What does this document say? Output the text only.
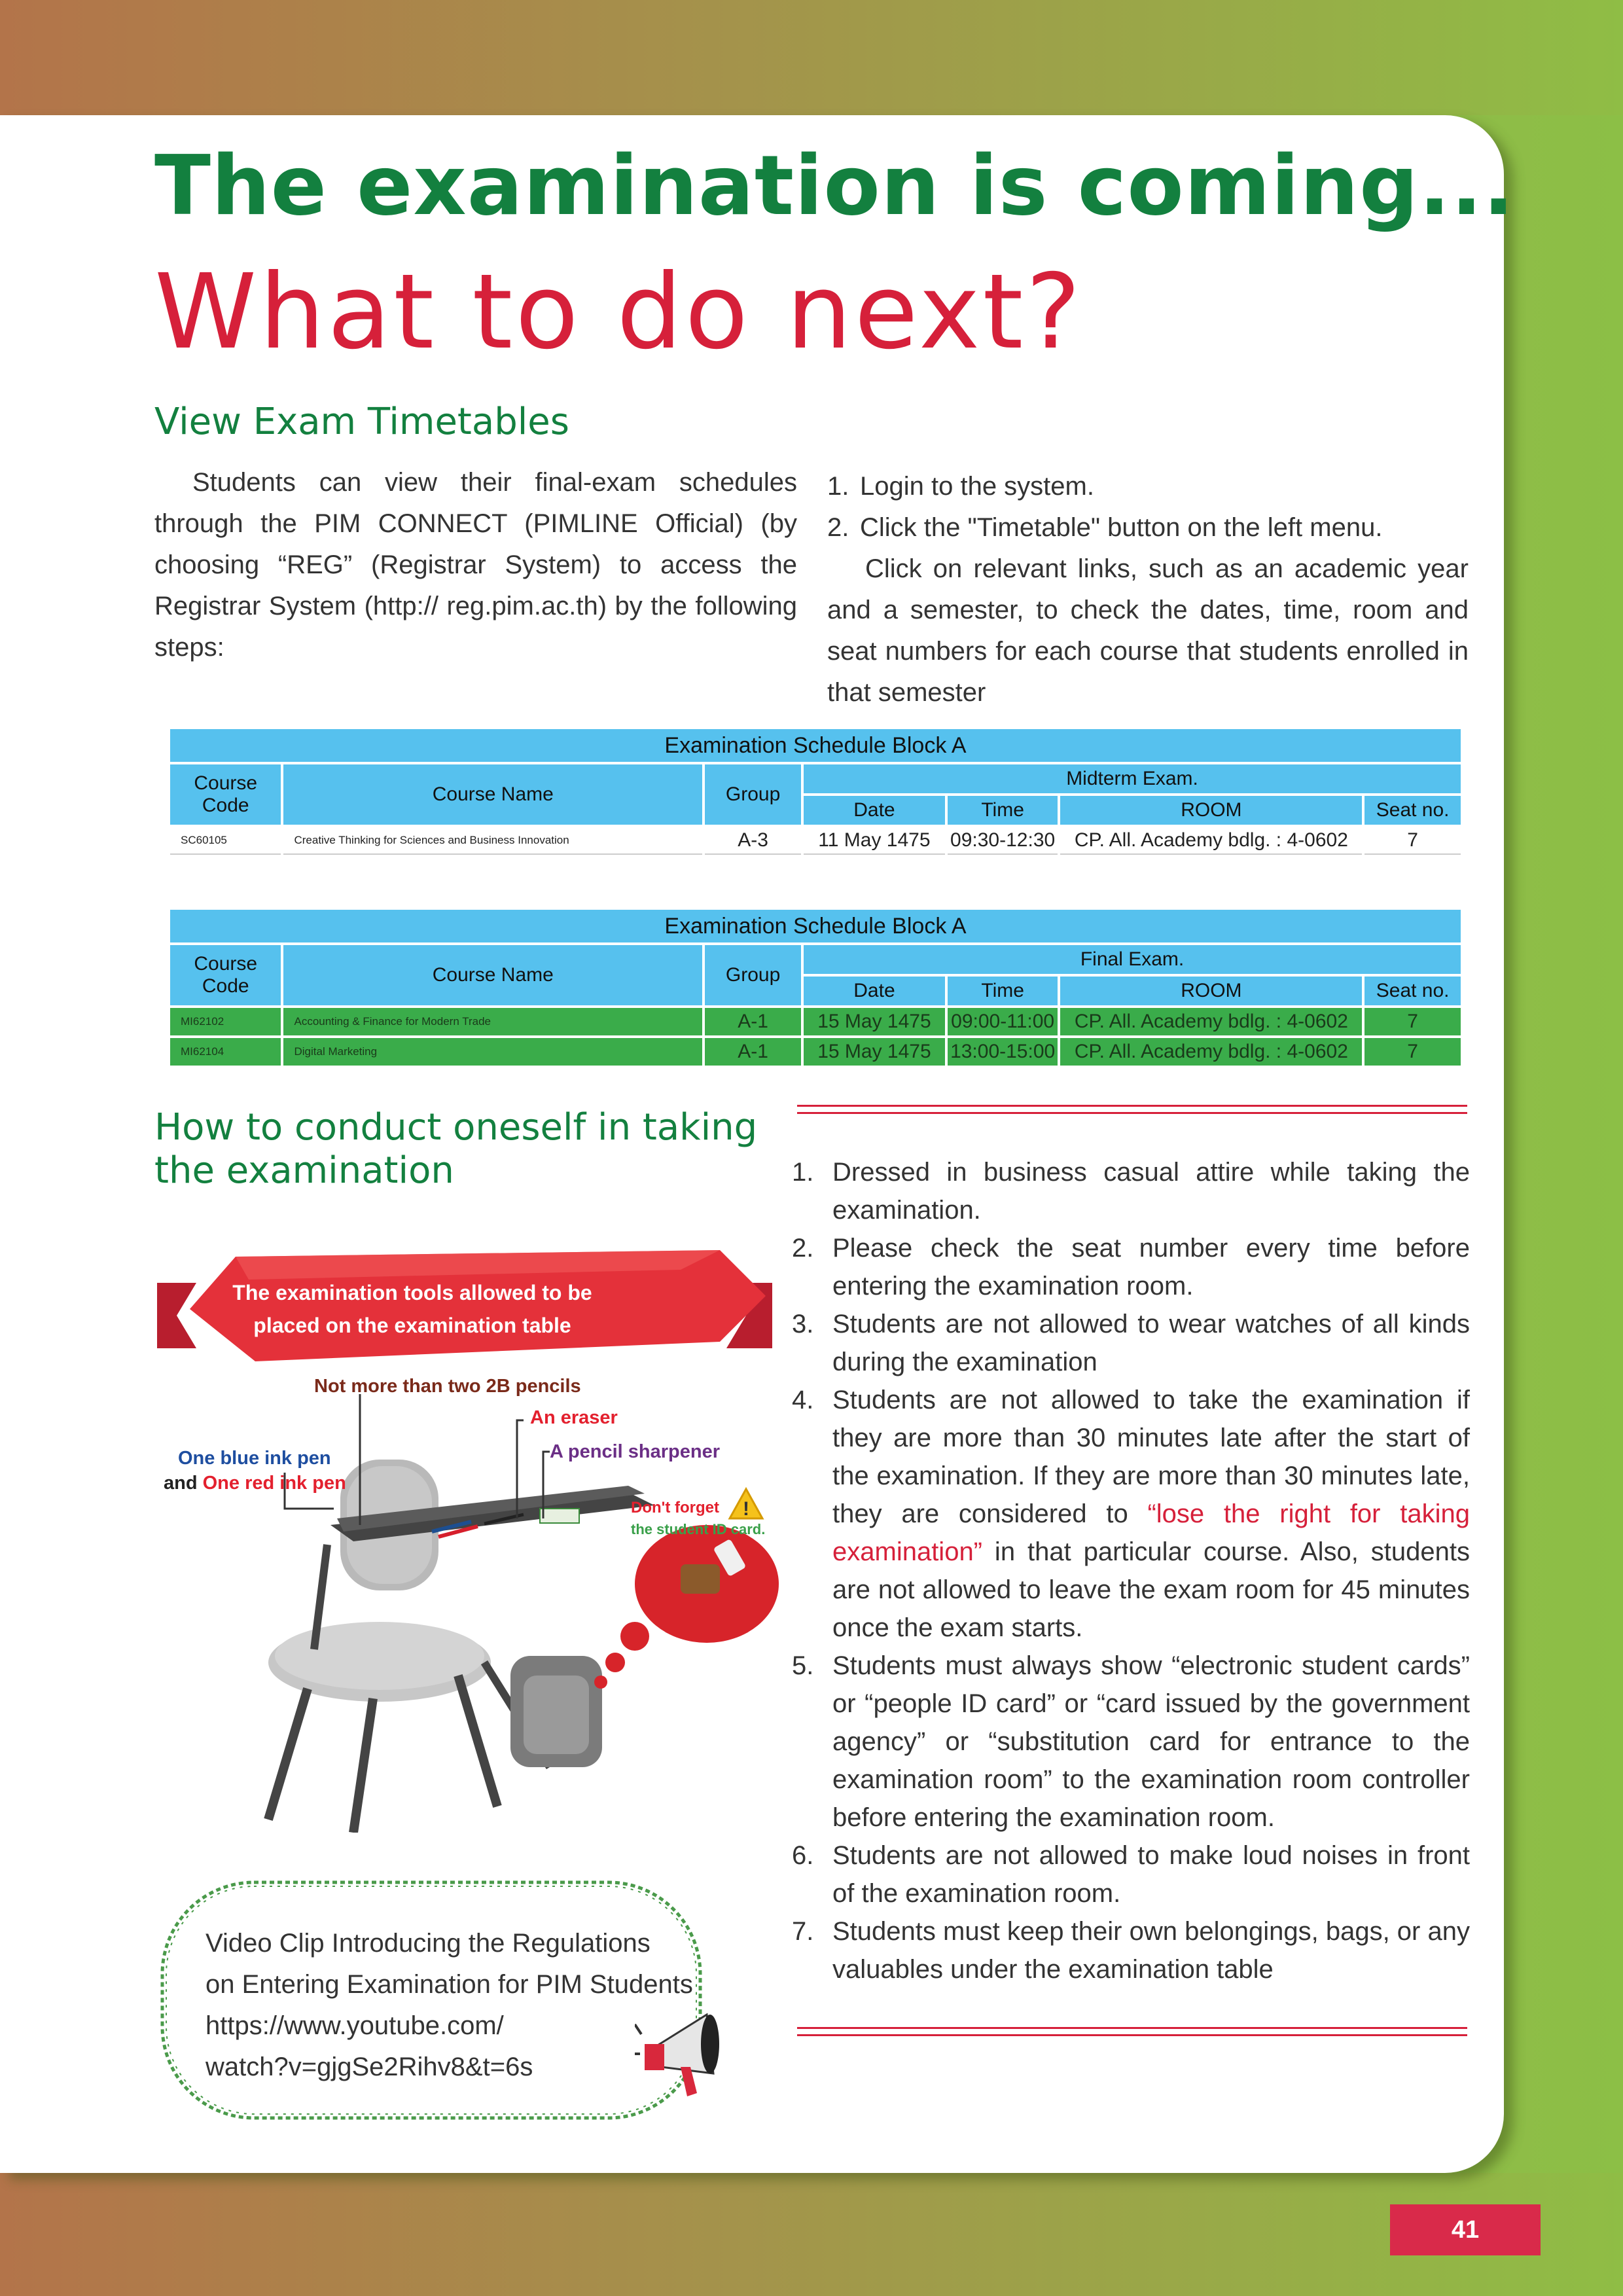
The examination is coming...
What to do next?
View Exam Timetables

Students can view their final-exam schedules through the PIM CONNECT (PIMLINE Official) (by choosing “REG” (Registrar System) to access the Registrar System (http:// reg.pim.ac.th) by the following steps:

1. Login to the system.
2. Click the "Timetable" button on the left menu.

Click on relevant links, such as an academic year and a semester, to check the dates, time, room and seat numbers for each course that students enrolled in that semester

Examination Schedule Block A						
Course Code	Course Name	Group	Midterm Exam.			
			Date	Time	ROOM	Seat no.
SC60105	Creative Thinking for Sciences and Business Innovation	A-3	11 May 1475	09:30-12:30	CP. All. Academy bdlg. : 4-0602	7
Examination Schedule Block A						
Course Code	Course Name	Group	Final Exam.			
			Date	Time	ROOM	Seat no.
MI62102	Accounting & Finance for Modern Trade	A-1	15 May 1475	09:00-11:00	CP. All. Academy bdlg. : 4-0602	7
MI62104	Digital Marketing	A-1	15 May 1475	13:00-15:00	CP. All. Academy bdlg. : 4-0602	7
How to conduct oneself in taking the examination	1. Dressed in business casual attire while taking the examination.
2. Please check the seat number every time before entering the examination room.
3. Students are not allowed to wear watches of all kinds during the examination
4. Students are not allowed to take the examination if they are more than 30 minutes late after the start of the examination. If they are more than 30 minutes late, they are considered to “lose the right for taking examination” in that particular course. Also, students are not allowed to leave the exam room for 45 minutes once the exam starts.
5. Students must always show “electronic student cards” or “people ID card” or “card issued by the government agency” or “substitution card for entrance to the examination room” to the examination room controller before entering the examination room.
6. Students are not allowed to make loud noises in front of the examination room.
7. Students must keep their own belongings, bags, or any valuables under the examination table
!
The examination tools allowed to be placed on the examination table
Not more than two 2B pencils
An eraser
A pencil sharpener
One blue ink pen
and One red ink pen
Don't forget
the student ID card.
Video Clip Introducing the Regulations
on Entering Examination for PIM Students
https://www.youtube.com/
watch?v=gjgSe2Rihv8&t=6s
41
